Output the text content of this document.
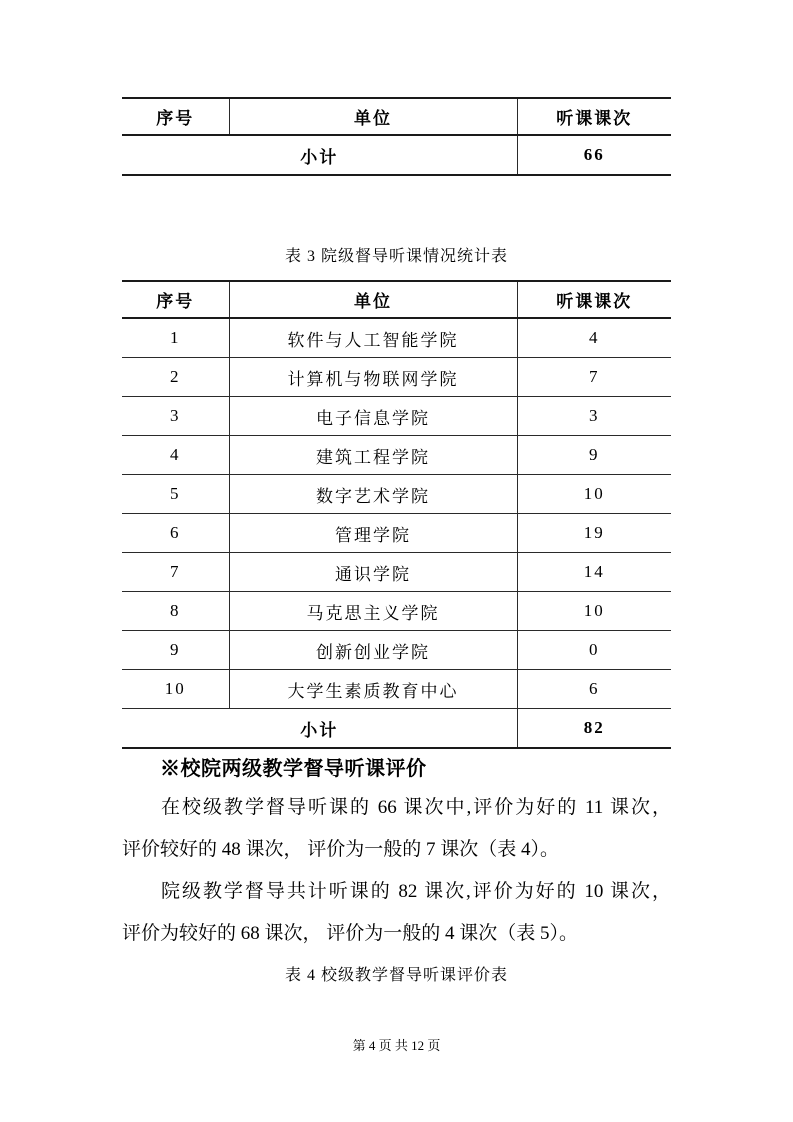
序号	单位	听课课次
小计		66
表 3 院级督导听课情况统计表
序号	单位	听课课次
1	软件与人工智能学院	4
2	计算机与物联网学院	7
3	电子信息学院	3
4	建筑工程学院	9
5	数字艺术学院	10
6	管理学院	19
7	通识学院	14
8	马克思主义学院	10
9	创新创业学院	0
10	大学生素质教育中心	6
小计		82
※校院两级教学督导听课评价
在校级教学督导听课的 66 课次中,评价为好的 11 课次，
评价较好的 48 课次， 评价为一般的 7 课次（表 4）。
院级教学督导共计听课的 82 课次,评价为好的 10 课次，
评价为较好的 68 课次， 评价为一般的 4 课次（表 5）。
表 4 校级教学督导听课评价表
第 4 页 共 12 页
